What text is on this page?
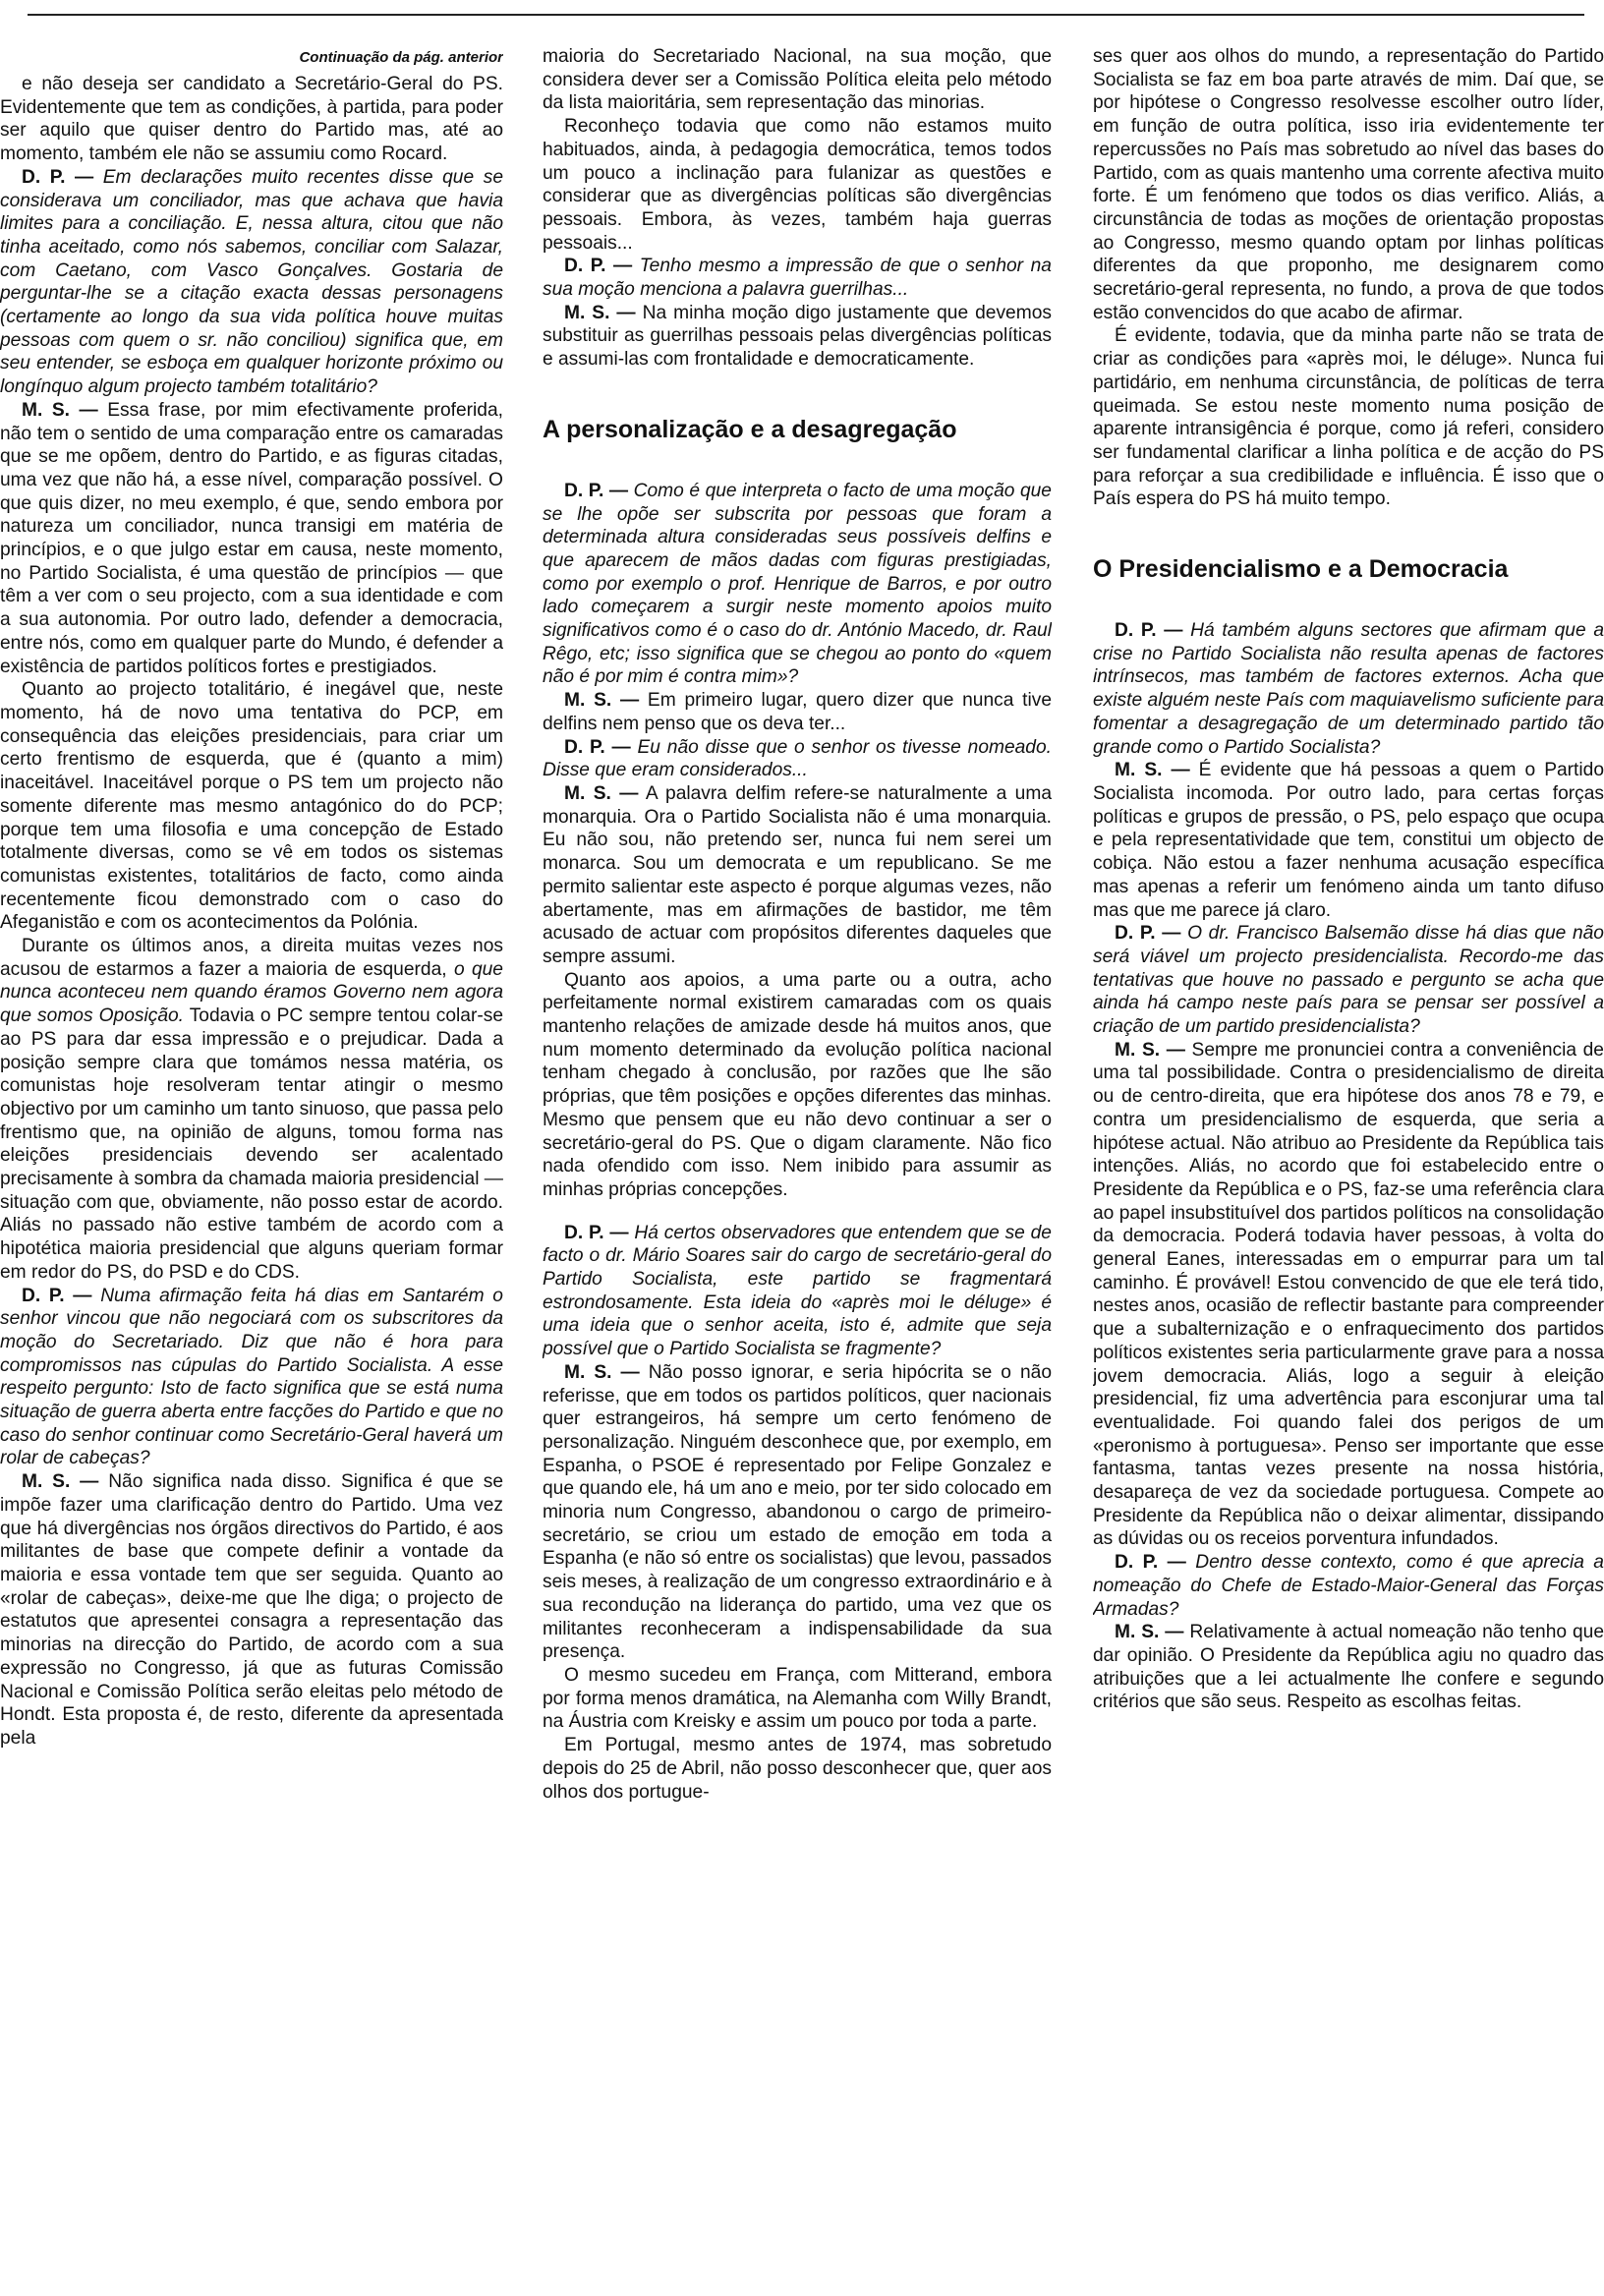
Continuação da pág. anterior

e não deseja ser candidato a Secretário-Geral do PS. Evidentemente que tem as condições, à partida, para poder ser aquilo que quiser dentro do Partido mas, até ao momento, também ele não se assumiu como Rocard.

D. P. — Em declarações muito recentes disse que se considerava um conciliador, mas que achava que havia limites para a conciliação. E, nessa altura, citou que não tinha aceitado, como nós sabemos, conciliar com Salazar, com Caetano, com Vasco Gonçalves. Gostaria de perguntar-lhe se a citação exacta dessas personagens (certamente ao longo da sua vida política houve muitas pessoas com quem o sr. não conciliou) significa que, em seu entender, se esboça em qualquer horizonte próximo ou longínquo algum projecto também totalitário?

M. S. — Essa frase, por mim efectivamente proferida, não tem o sentido de uma comparação entre os camaradas que se me opõem, dentro do Partido, e as figuras citadas, uma vez que não há, a esse nível, comparação possível. O que quis dizer, no meu exemplo, é que, sendo embora por natureza um conciliador, nunca transigi em matéria de princípios, e o que julgo estar em causa, neste momento, no Partido Socialista, é uma questão de princípios — que têm a ver com o seu projecto, com a sua identidade e com a sua autonomia. Por outro lado, defender a democracia, entre nós, como em qualquer parte do Mundo, é defender a existência de partidos políticos fortes e prestigiados.

Quanto ao projecto totalitário, é inegável que, neste momento, há de novo uma tentativa do PCP, em consequência das eleições presidenciais, para criar um certo frentismo de esquerda, que é (quanto a mim) inaceitável. Inaceitável porque o PS tem um projecto não somente diferente mas mesmo antagónico do do PCP; porque tem uma filosofia e uma concepção de Estado totalmente diversas, como se vê em todos os sistemas comunistas existentes, totalitários de facto, como ainda recentemente ficou demonstrado com o caso do Afeganistão e com os acontecimentos da Polónia.

Durante os últimos anos, a direita muitas vezes nos acusou de estarmos a fazer a maioria de esquerda, o que nunca aconteceu nem quando éramos Governo nem agora que somos Oposição. Todavia o PC sempre tentou colar-se ao PS para dar essa impressão e o prejudicar. Dada a posição sempre clara que tomámos nessa matéria, os comunistas hoje resolveram tentar atingir o mesmo objectivo por um caminho um tanto sinuoso, que passa pelo frentismo que, na opinião de alguns, tomou forma nas eleições presidenciais devendo ser acalentado precisamente à sombra da chamada maioria presidencial — situação com que, obviamente, não posso estar de acordo. Aliás no passado não estive também de acordo com a hipotética maioria presidencial que alguns queriam formar em redor do PS, do PSD e do CDS.

D. P. — Numa afirmação feita há dias em Santarém o senhor vincou que não negociará com os subscritores da moção do Secretariado. Diz que não é hora para compromissos nas cúpulas do Partido Socialista. A esse respeito pergunto: Isto de facto significa que se está numa situação de guerra aberta entre facções do Partido e que no caso do senhor continuar como Secretário-Geral haverá um rolar de cabeças?

M. S. — Não significa nada disso. Significa é que se impõe fazer uma clarificação dentro do Partido. Uma vez que há divergências nos órgãos directivos do Partido, é aos militantes de base que compete definir a vontade da maioria e essa vontade tem que ser seguida. Quanto ao «rolar de cabeças», deixe-me que lhe diga; o projecto de estatutos que apresentei consagra a representação das minorias na direcção do Partido, de acordo com a sua expressão no Congresso, já que as futuras Comissão Nacional e Comissão Política serão eleitas pelo método de Hondt. Esta proposta é, de resto, diferente da apresentada pela

maioria do Secretariado Nacional, na sua moção, que considera dever ser a Comissão Política eleita pelo método da lista maioritária, sem representação das minorias.

Reconheço todavia que como não estamos muito habituados, ainda, à pedagogia democrática, temos todos um pouco a inclinação para fulanizar as questões e considerar que as divergências políticas são divergências pessoais. Embora, às vezes, também haja guerras pessoais...

D. P. — Tenho mesmo a impressão de que o senhor na sua moção menciona a palavra guerrilhas...

M. S. — Na minha moção digo justamente que devemos substituir as guerrilhas pessoais pelas divergências políticas e assumi-las com frontalidade e democraticamente.

A personalização e a desagregação

D. P. — Como é que interpreta o facto de uma moção que se lhe opõe ser subscrita por pessoas que foram a determinada altura consideradas seus possíveis delfins e que aparecem de mãos dadas com figuras prestigiadas, como por exemplo o prof. Henrique de Barros, e por outro lado começarem a surgir neste momento apoios muito significativos como é o caso do dr. António Macedo, dr. Raul Rêgo, etc; isso significa que se chegou ao ponto do «quem não é por mim é contra mim»?

M. S. — Em primeiro lugar, quero dizer que nunca tive delfins nem penso que os deva ter...

D. P. — Eu não disse que o senhor os tivesse nomeado. Disse que eram considerados...

M. S. — A palavra delfim refere-se naturalmente a uma monarquia. Ora o Partido Socialista não é uma monarquia. Eu não sou, não pretendo ser, nunca fui nem serei um monarca. Sou um democrata e um republicano. Se me permito salientar este aspecto é porque algumas vezes, não abertamente, mas em afirmações de bastidor, me têm acusado de actuar com propósitos diferentes daqueles que sempre assumi.

Quanto aos apoios, a uma parte ou a outra, acho perfeitamente normal existirem camaradas com os quais mantenho relações de amizade desde há muitos anos, que num momento determinado da evolução política nacional tenham chegado à conclusão, por razões que lhe são próprias, que têm posições e opções diferentes das minhas. Mesmo que pensem que eu não devo continuar a ser o secretário-geral do PS. Que o digam claramente. Não fico nada ofendido com isso. Nem inibido para assumir as minhas próprias concepções.

D. P. — Há certos observadores que entendem que se de facto o dr. Mário Soares sair do cargo de secretário-geral do Partido Socialista, este partido se fragmentará estrondosamente. Esta ideia do «après moi le déluge» é uma ideia que o senhor aceita, isto é, admite que seja possível que o Partido Socialista se fragmente?

M. S. — Não posso ignorar, e seria hipócrita se o não referisse, que em todos os partidos políticos, quer nacionais quer estrangeiros, há sempre um certo fenómeno de personalização. Ninguém desconhece que, por exemplo, em Espanha, o PSOE é representado por Felipe Gonzalez e que quando ele, há um ano e meio, por ter sido colocado em minoria num Congresso, abandonou o cargo de primeiro-secretário, se criou um estado de emoção em toda a Espanha (e não só entre os socialistas) que levou, passados seis meses, à realização de um congresso extraordinário e à sua recondução na liderança do partido, uma vez que os militantes reconheceram a indispensabilidade da sua presença.

O mesmo sucedeu em França, com Mitterand, embora por forma menos dramática, na Alemanha com Willy Brandt, na Áustria com Kreisky e assim um pouco por toda a parte.

Em Portugal, mesmo antes de 1974, mas sobretudo depois do 25 de Abril, não posso desconhecer que, quer aos olhos dos portugue-

ses quer aos olhos do mundo, a representação do Partido Socialista se faz em boa parte através de mim. Daí que, se por hipótese o Congresso resolvesse escolher outro líder, em função de outra política, isso iria evidentemente ter repercussões no País mas sobretudo ao nível das bases do Partido, com as quais mantenho uma corrente afectiva muito forte. É um fenómeno que todos os dias verifico. Aliás, a circunstância de todas as moções de orientação propostas ao Congresso, mesmo quando optam por linhas políticas diferentes da que proponho, me designarem como secretário-geral representa, no fundo, a prova de que todos estão convencidos do que acabo de afirmar.

É evidente, todavia, que da minha parte não se trata de criar as condições para «après moi, le déluge». Nunca fui partidário, em nenhuma circunstância, de políticas de terra queimada. Se estou neste momento numa posição de aparente intransigência é porque, como já referi, considero ser fundamental clarificar a linha política e de acção do PS para reforçar a sua credibilidade e influência. É isso que o País espera do PS há muito tempo.

O Presidencialismo e a Democracia

D. P. — Há também alguns sectores que afirmam que a crise no Partido Socialista não resulta apenas de factores intrínsecos, mas também de factores externos. Acha que existe alguém neste País com maquiavelismo suficiente para fomentar a desagregação de um determinado partido tão grande como o Partido Socialista?

M. S. — É evidente que há pessoas a quem o Partido Socialista incomoda. Por outro lado, para certas forças políticas e grupos de pressão, o PS, pelo espaço que ocupa e pela representatividade que tem, constitui um objecto de cobiça. Não estou a fazer nenhuma acusação específica mas apenas a referir um fenómeno ainda um tanto difuso mas que me parece já claro.

D. P. — O dr. Francisco Balsemão disse há dias que não será viável um projecto presidencialista. Recordo-me das tentativas que houve no passado e pergunto se acha que ainda há campo neste país para se pensar ser possível a criação de um partido presidencialista?

M. S. — Sempre me pronunciei contra a conveniência de uma tal possibilidade. Contra o presidencialismo de direita ou de centro-direita, que era hipótese dos anos 78 e 79, e contra um presidencialismo de esquerda, que seria a hipótese actual. Não atribuo ao Presidente da República tais intenções. Aliás, no acordo que foi estabelecido entre o Presidente da República e o PS, faz-se uma referência clara ao papel insubstituível dos partidos políticos na consolidação da democracia. Poderá todavia haver pessoas, à volta do general Eanes, interessadas em o empurrar para um tal caminho. É provável! Estou convencido de que ele terá tido, nestes anos, ocasião de reflectir bastante para compreender que a subalternização e o enfraquecimento dos partidos políticos existentes seria particularmente grave para a nossa jovem democracia. Aliás, logo a seguir à eleição presidencial, fiz uma advertência para esconjurar uma tal eventualidade. Foi quando falei dos perigos de um «peronismo à portuguesa». Penso ser importante que esse fantasma, tantas vezes presente na nossa história, desapareça de vez da sociedade portuguesa. Compete ao Presidente da República não o deixar alimentar, dissipando as dúvidas ou os receios porventura infundados.

D. P. — Dentro desse contexto, como é que aprecia a nomeação do Chefe de Estado-Maior-General das Forças Armadas?

M. S. — Relativamente à actual nomeação não tenho que dar opinião. O Presidente da República agiu no quadro das atribuições que a lei actualmente lhe confere e segundo critérios que são seus. Respeito as escolhas feitas.
